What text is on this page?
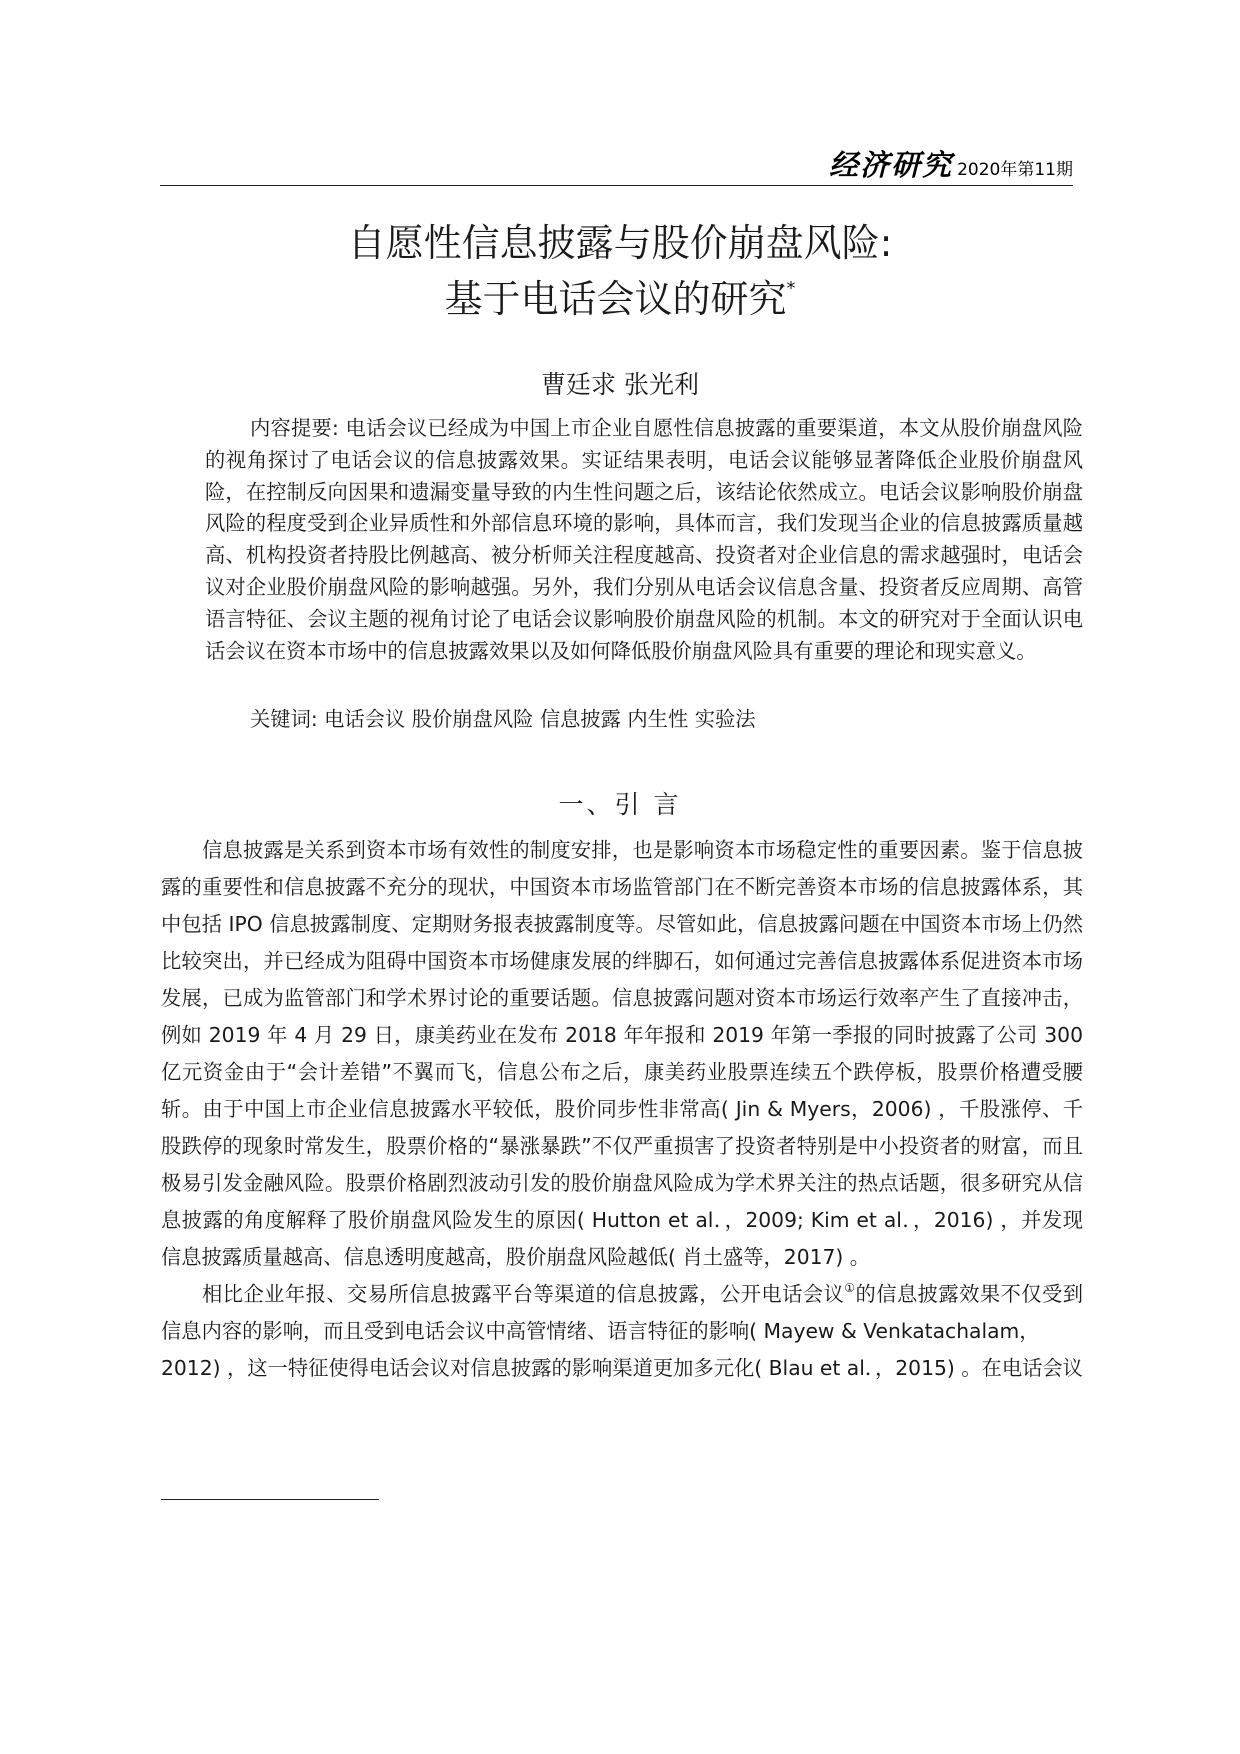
经济研究 2020年第11期
自愿性信息披露与股价崩盘风险:
基于电话会议的研究*

曹廷求 张光利

内容提要: 电话会议已经成为中国上市企业自愿性信息披露的重要渠道，本文从股价崩盘风险的视角探讨了电话会议的信息披露效果。实证结果表明，电话会议能够显著降低企业股价崩盘风险，在控制反向因果和遗漏变量导致的内生性问题之后，该结论依然成立。电话会议影响股价崩盘风险的程度受到企业异质性和外部信息环境的影响，具体而言，我们发现当企业的信息披露质量越高、机构投资者持股比例越高、被分析师关注程度越高、投资者对企业信息的需求越强时，电话会议对企业股价崩盘风险的影响越强。另外，我们分别从电话会议信息含量、投资者反应周期、高管语言特征、会议主题的视角讨论了电话会议影响股价崩盘风险的机制。本文的研究对于全面认识电话会议在资本市场中的信息披露效果以及如何降低股价崩盘风险具有重要的理论和现实意义。

关键词: 电话会议 股价崩盘风险 信息披露 内生性 实验法

一、引 言

信息披露是关系到资本市场有效性的制度安排，也是影响资本市场稳定性的重要因素。鉴于信息披露的重要性和信息披露不充分的现状，中国资本市场监管部门在不断完善资本市场的信息披露体系，其中包括 IPO 信息披露制度、定期财务报表披露制度等。尽管如此，信息披露问题在中国资本市场上仍然比较突出，并已经成为阻碍中国资本市场健康发展的绊脚石，如何通过完善信息披露体系促进资本市场发展，已成为监管部门和学术界讨论的重要话题。信息披露问题对资本市场运行效率产生了直接冲击，例如 2019 年 4 月 29 日，康美药业在发布 2018 年年报和 2019 年第一季报的同时披露了公司 300 亿元资金由于“会计差错”不翼而飞，信息公布之后，康美药业股票连续五个跌停板，股票价格遭受腰斩。由于中国上市企业信息披露水平较低，股价同步性非常高( Jin & Myers，2006) ，千股涨停、千股跌停的现象时常发生，股票价格的“暴涨暴跌”不仅严重损害了投资者特别是中小投资者的财富，而且极易引发金融风险。股票价格剧烈波动引发的股价崩盘风险成为学术界关注的热点话题，很多研究从信息披露的角度解释了股价崩盘风险发生的原因( Hutton et al．，2009; Kim et al．，2016) ，并发现信息披露质量越高、信息透明度越高，股价崩盘风险越低( 肖土盛等，2017) 。

相比企业年报、交易所信息披露平台等渠道的信息披露，公开电话会议①的信息披露效果不仅受到信息内容的影响，而且受到电话会议中高管情绪、语言特征的影响( Mayew & Venkatachalam，

2012) ，这一特征使得电话会议对信息披露的影响渠道更加多元化( Blau et al．，2015) 。在电话会议
